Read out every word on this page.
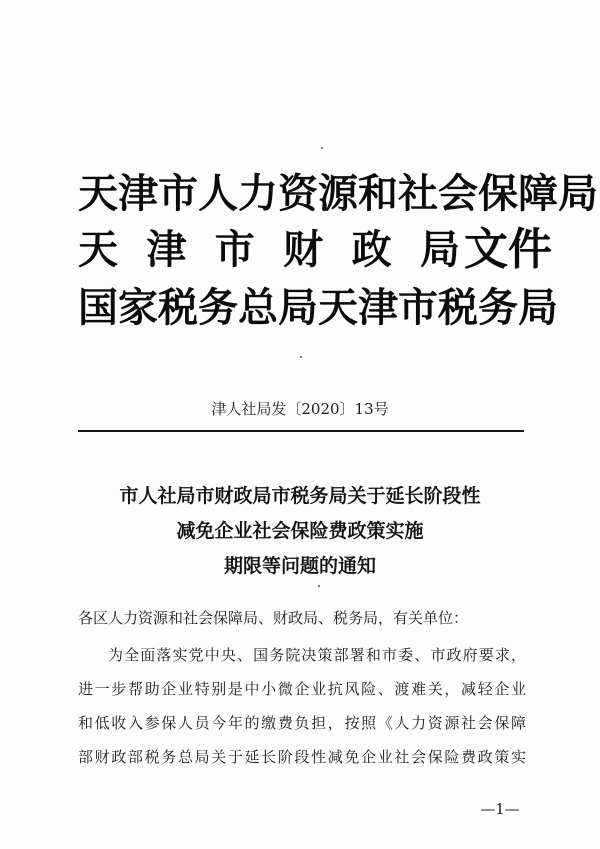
天津市人力资源和社会保障局
天 津 市 财 政 局
国家税务总局天津市税务局
文件
津人社局发〔2020〕13号
市人社局市财政局市税务局关于延长阶段性
减免企业社会保险费政策实施
期限等问题的通知
各区人力资源和社会保障局、财政局、税务局，有关单位：
为全面落实党中央、国务院决策部署和市委、市政府要求，
进一步帮助企业特别是中小微企业抗风险、渡难关，减轻企业
和低收入参保人员今年的缴费负担，按照《人力资源社会保障
部财政部税务总局关于延长阶段性减免企业社会保险费政策实
—1—
